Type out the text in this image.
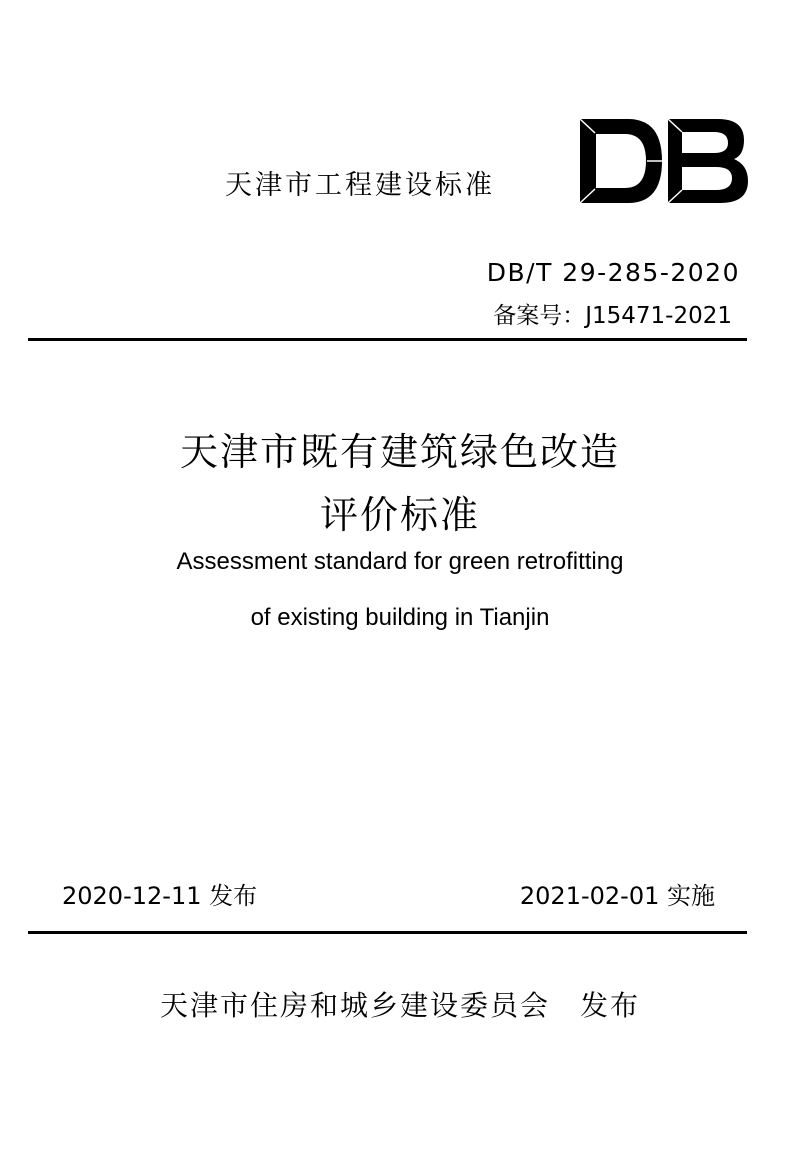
天津市工程建设标准
DB/T 29-285-2020
备案号：J15471-2021
天津市既有建筑绿色改造
评价标准
Assessment standard for green retrofitting
of existing building in Tianjin
2020-12-11 发布	2021-02-01 实施
天津市住房和城乡建设委员会　发布
